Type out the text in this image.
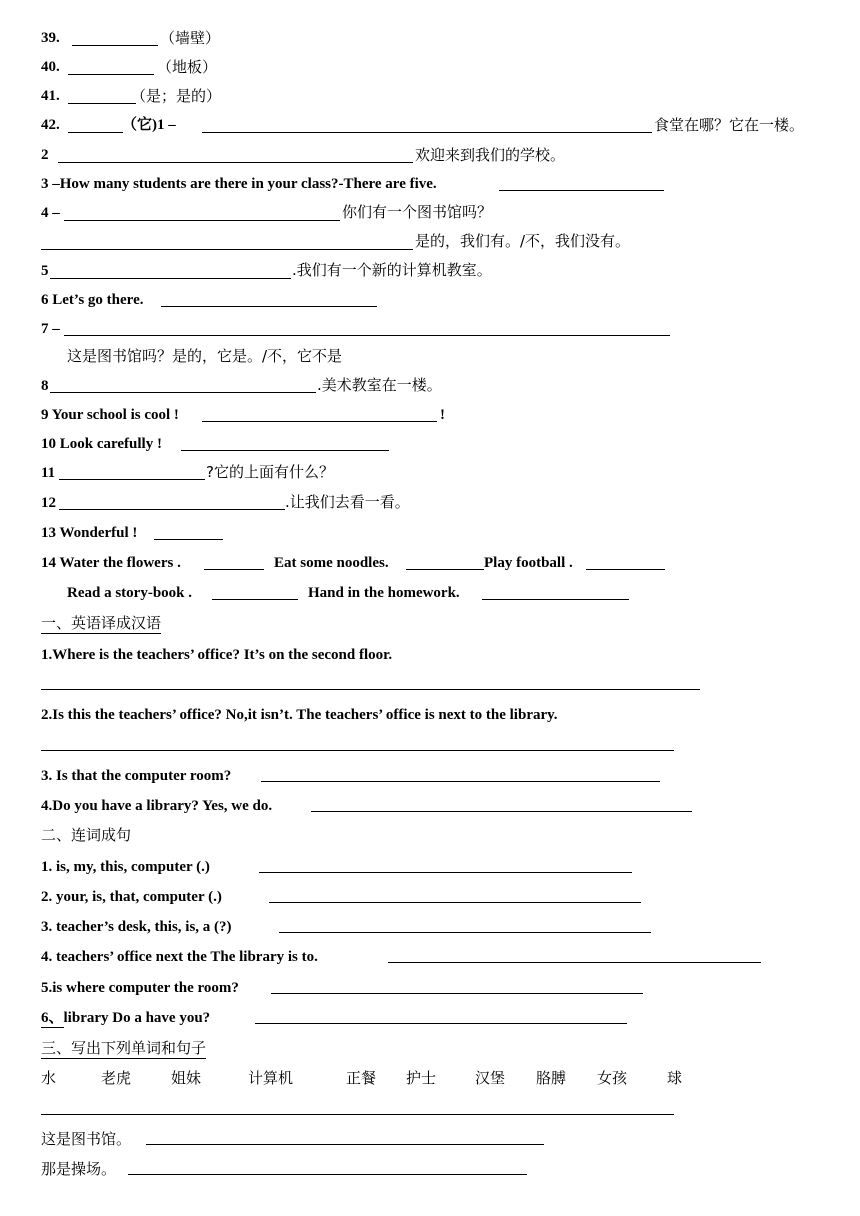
39.	（墙壁）
40.	（地板）
41.	（是；是的）
42.	（它)1 –	食堂在哪？它在一楼。
2	欢迎来到我们的学校。
3 –How many students are there in your class?-There are five.
4 –	你们有一个图书馆吗？
是的，我们有。/不，我们没有。
5	.我们有一个新的计算机教室。
6 Let’s go there.
7 –
这是图书馆吗？是的，它是。/不，它不是
8	.美术教室在一楼。
9 Your school is cool !	!
10 Look carefully !
11	?它的上面有什么？
12	.让我们去看一看。
13 Wonderful !
14 Water the flowers .	Eat some noodles.	Play football .
Read a story-book .	Hand in the homework.
一、英语译成汉语
1.Where is the teachers’ office? It’s on the second floor.
2.Is this the teachers’ office? No,it isn’t. The teachers’ office is next to the library.
3. Is that the computer room?
4.Do you have a library? Yes, we do.
二、连词成句
1. is, my, this, computer (.)
2. your, is, that, computer (.)
3. teacher’s desk, this, is, a (?)
4. teachers’ office next the The library is to.
5.is where computer the room?
6、library Do a have you?
三、写出下列单词和句子
水	老虎	姐妹	计算机	正餐 护士	汉堡 胳膊 女孩	球
这是图书馆。
那是操场。
